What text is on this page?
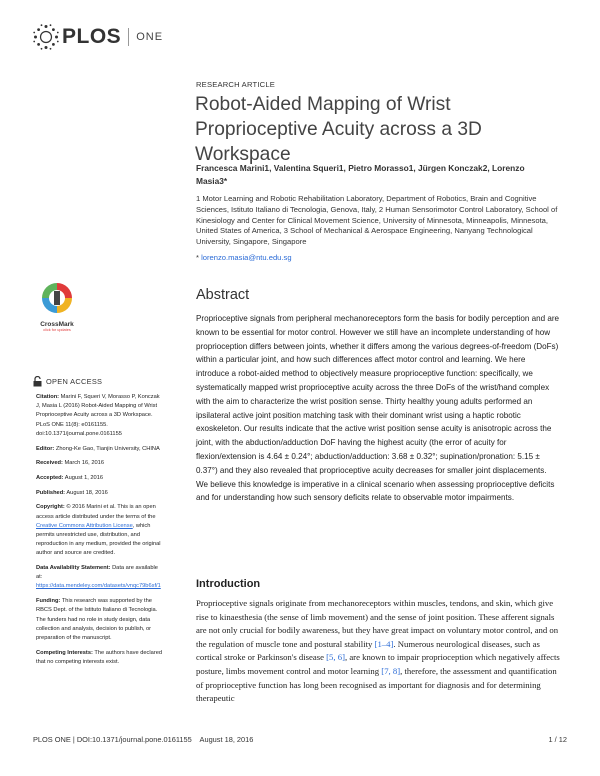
PLOS ONE
RESEARCH ARTICLE
Robot-Aided Mapping of Wrist Proprioceptive Acuity across a 3D Workspace
Francesca Marini1, Valentina Squeri1, Pietro Morasso1, Jürgen Konczak2, Lorenzo Masia3*
1 Motor Learning and Robotic Rehabilitation Laboratory, Department of Robotics, Brain and Cognitive Sciences, Istituto Italiano di Tecnologia, Genova, Italy, 2 Human Sensorimotor Control Laboratory, School of Kinesiology and Center for Clinical Movement Science, University of Minnesota, Minneapolis, Minnesota, United States of America, 3 School of Mechanical & Aerospace Engineering, Nanyang Technological University, Singapore, Singapore
* lorenzo.masia@ntu.edu.sg
CrossMark
click for updates
OPEN ACCESS

Citation: Marini F, Squeri V, Morasso P, Konczak J, Masia L (2016) Robot-Aided Mapping of Wrist Proprioceptive Acuity across a 3D Workspace. PLoS ONE 11(8): e0161155. doi:10.1371/journal.pone.0161155

Editor: Zhong-Ke Gao, Tianjin University, CHINA

Received: March 16, 2016

Accepted: August 1, 2016

Published: August 18, 2016

Copyright: © 2016 Marini et al. This is an open access article distributed under the terms of the Creative Commons Attribution License, which permits unrestricted use, distribution, and reproduction in any medium, provided the original author and source are credited.

Data Availability Statement: Data are available at: https://data.mendeley.com/datasets/vnqc79b6sf/1

Funding: This research was supported by the RBCS Dept. of the Istituto Italiano di Tecnologia. The funders had no role in study design, data collection and analysis, decision to publish, or preparation of the manuscript.

Competing Interests: The authors have declared that no competing interests exist.

Abstract
Proprioceptive signals from peripheral mechanoreceptors form the basis for bodily perception and are known to be essential for motor control. However we still have an incomplete understanding of how proprioception differs between joints, whether it differs among the various degrees-of-freedom (DoFs) within a particular joint, and how such differences affect motor control and learning. We here introduce a robot-aided method to objectively measure proprioceptive function: specifically, we systematically mapped wrist proprioceptive acuity across the three DoFs of the wrist/hand complex with the aim to characterize the wrist position sense. Thirty healthy young adults performed an ipsilateral active joint position matching task with their dominant wrist using a haptic robotic exoskeleton. Our results indicate that the active wrist position sense acuity is anisotropic across the joint, with the abduction/adduction DoF having the highest acuity (the error of acuity for flexion/extension is 4.64 ± 0.24°; abduction/adduction: 3.68 ± 0.32°; supination/pronation: 5.15 ± 0.37°) and they also revealed that proprioceptive acuity decreases for smaller joint displacements. We believe this knowledge is imperative in a clinical scenario when assessing proprioceptive deficits and for understanding how such sensory deficits relate to observable motor impairments.
Introduction
Proprioceptive signals originate from mechanoreceptors within muscles, tendons, and skin, which give rise to kinaesthesia (the sense of limb movement) and the sense of joint position. These afferent signals are not only crucial for bodily awareness, but they have great impact on voluntary motor control, and on the regulation of muscle tone and postural stability [1–4]. Numerous neurological diseases, such as cortical stroke or Parkinson's disease [5, 6], are known to impair proprioception which negatively affects posture, limbs movement control and motor learning [7, 8], therefore, the assessment and quantification of proprioceptive function has long been recognised as important for diagnosis and for determining therapeutic
PLOS ONE | DOI:10.1371/journal.pone.0161155    August 18, 2016	1 / 12
